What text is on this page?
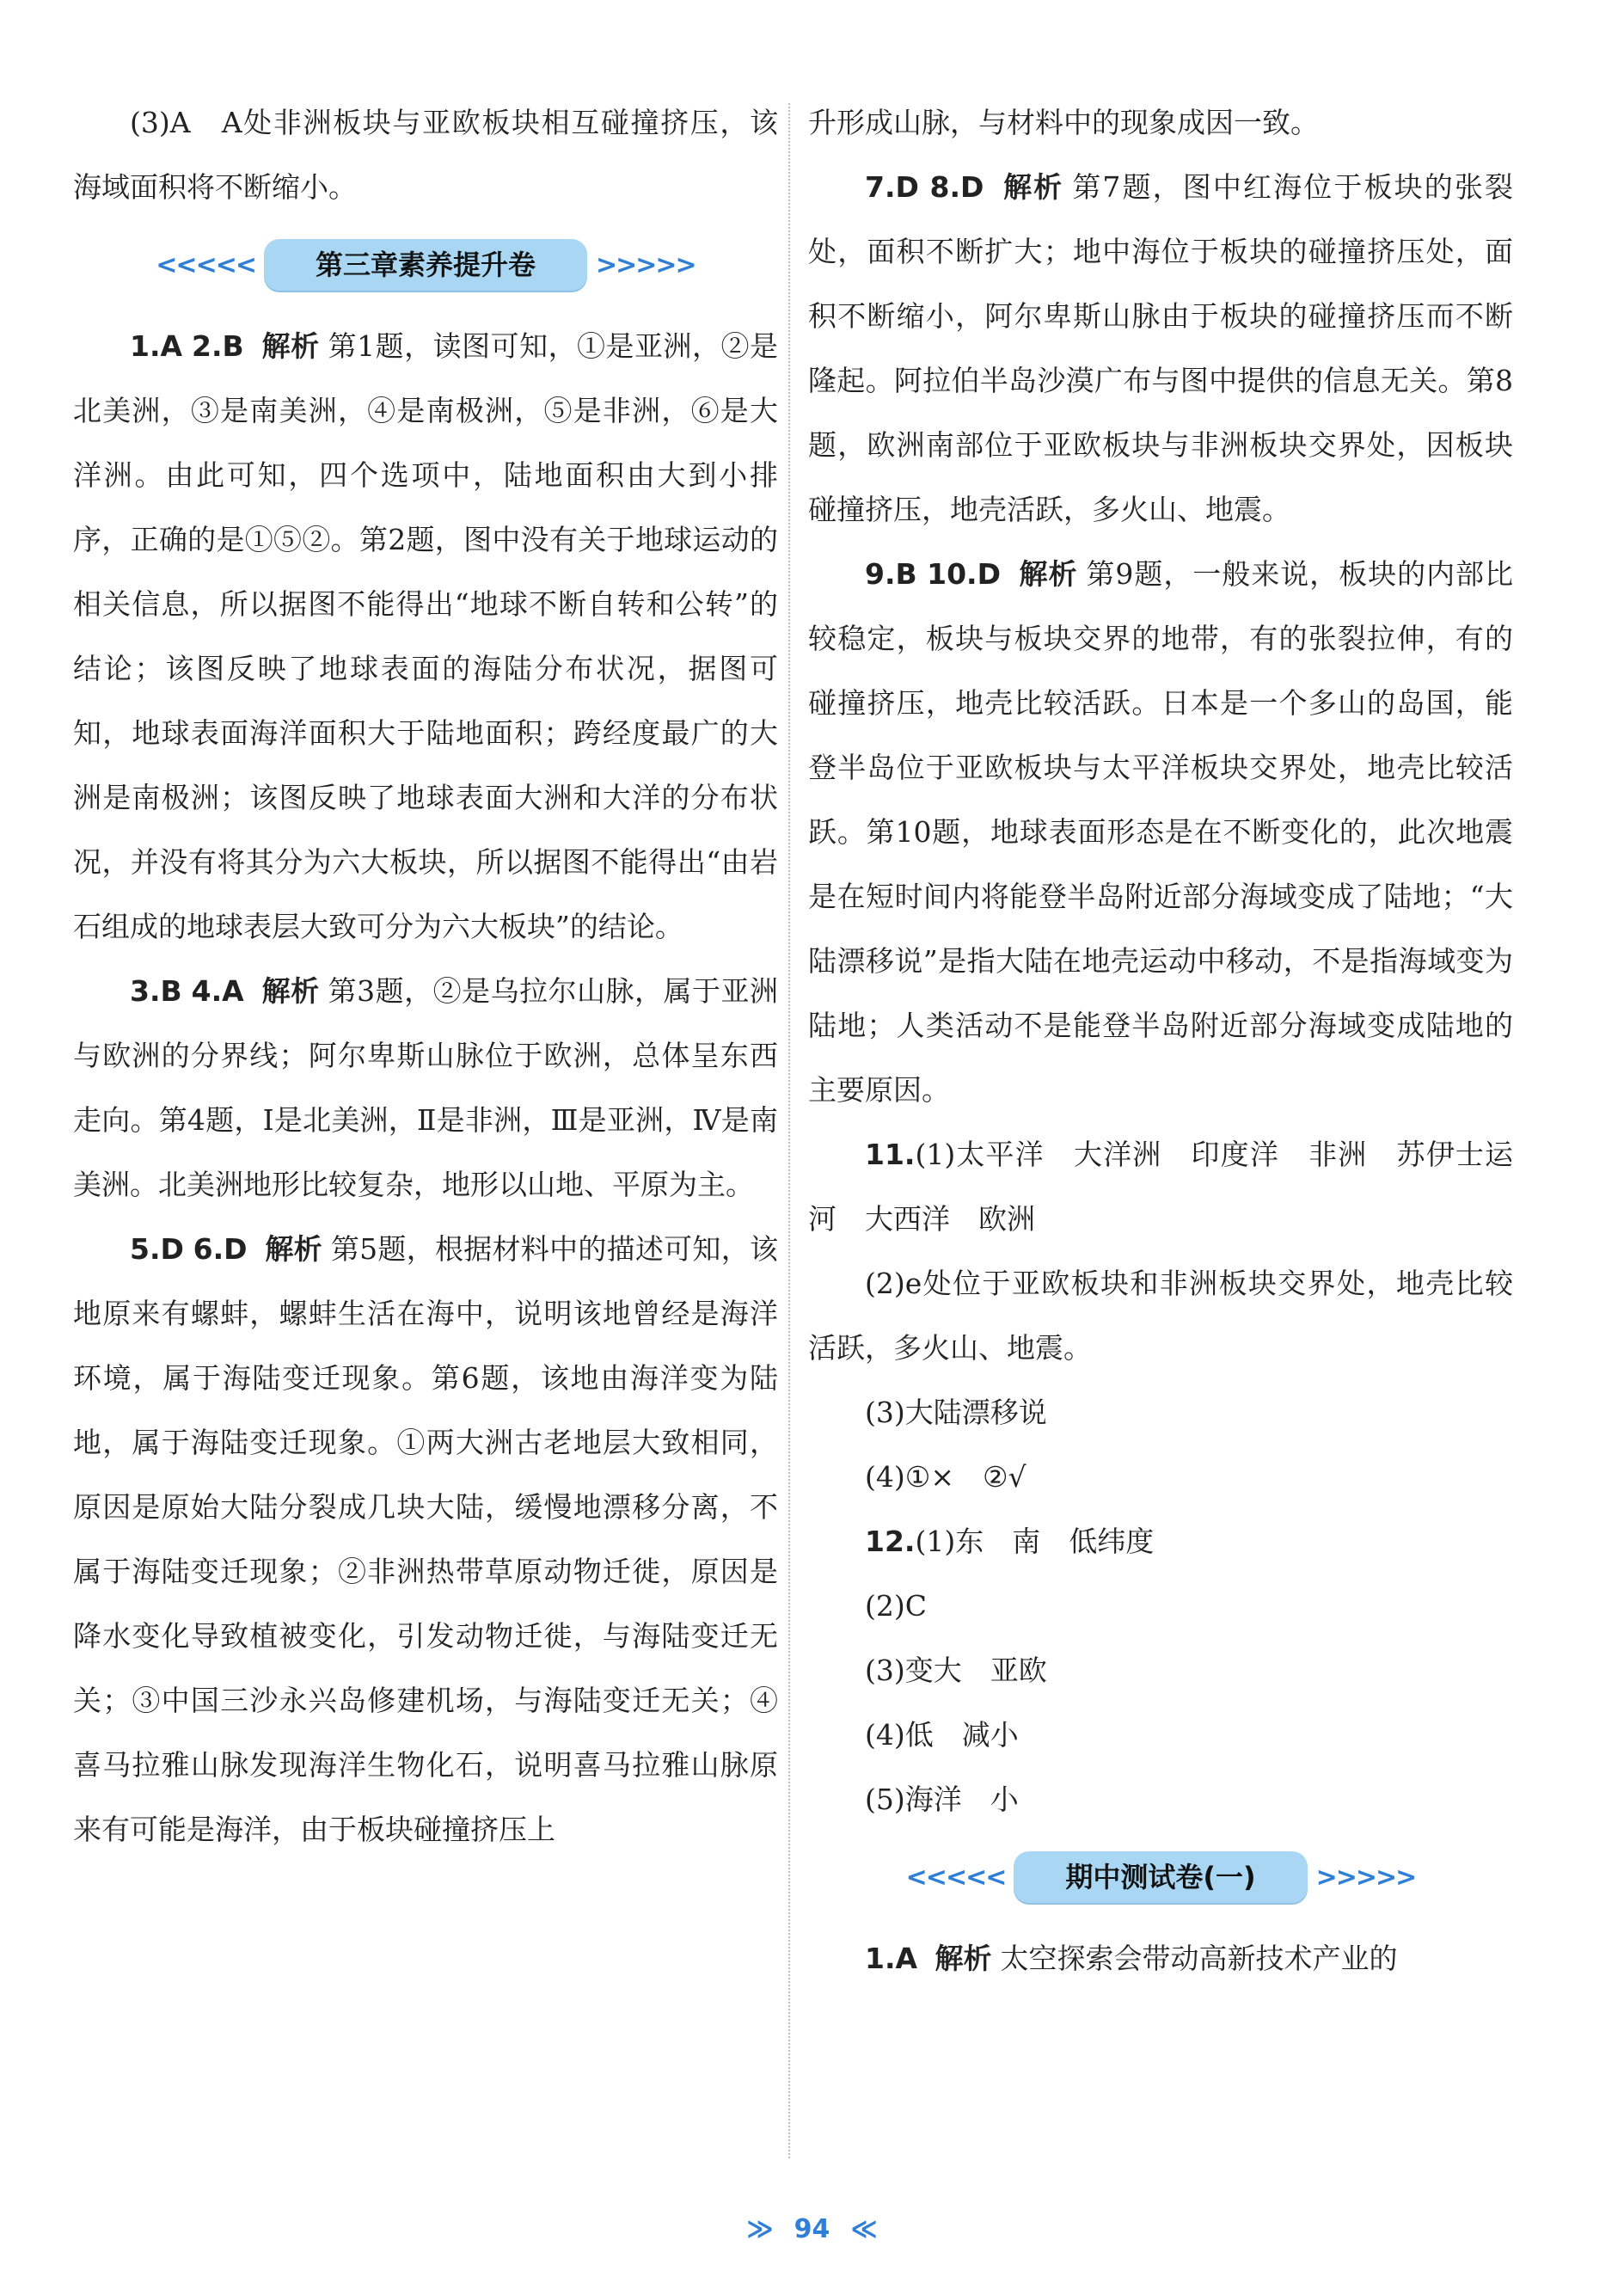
(3)A　A处非洲板块与亚欧板块相互碰撞挤压，该海域面积将不断缩小。

<<<<<	第三章素养提升卷	>>>>>

1.A 2.B 解析 第1题，读图可知，①是亚洲，②是北美洲，③是南美洲，④是南极洲，⑤是非洲，⑥是大洋洲。由此可知，四个选项中，陆地面积由大到小排序，正确的是①⑤②。第2题，图中没有关于地球运动的相关信息，所以据图不能得出“地球不断自转和公转”的结论；该图反映了地球表面的海陆分布状况，据图可知，地球表面海洋面积大于陆地面积；跨经度最广的大洲是南极洲；该图反映了地球表面大洲和大洋的分布状况，并没有将其分为六大板块，所以据图不能得出“由岩石组成的地球表层大致可分为六大板块”的结论。

3.B 4.A 解析 第3题，②是乌拉尔山脉，属于亚洲与欧洲的分界线；阿尔卑斯山脉位于欧洲，总体呈东西走向。第4题，Ⅰ是北美洲，Ⅱ是非洲，Ⅲ是亚洲，Ⅳ是南美洲。北美洲地形比较复杂，地形以山地、平原为主。

5.D 6.D 解析 第5题，根据材料中的描述可知，该地原来有螺蚌，螺蚌生活在海中，说明该地曾经是海洋环境，属于海陆变迁现象。第6题，该地由海洋变为陆地，属于海陆变迁现象。①两大洲古老地层大致相同，原因是原始大陆分裂成几块大陆，缓慢地漂移分离，不属于海陆变迁现象；②非洲热带草原动物迁徙，原因是降水变化导致植被变化，引发动物迁徙，与海陆变迁无关；③中国三沙永兴岛修建机场，与海陆变迁无关；④喜马拉雅山脉发现海洋生物化石，说明喜马拉雅山脉原来有可能是海洋，由于板块碰撞挤压上

升形成山脉，与材料中的现象成因一致。

7.D 8.D 解析 第7题，图中红海位于板块的张裂处，面积不断扩大；地中海位于板块的碰撞挤压处，面积不断缩小，阿尔卑斯山脉由于板块的碰撞挤压而不断隆起。阿拉伯半岛沙漠广布与图中提供的信息无关。第8题，欧洲南部位于亚欧板块与非洲板块交界处，因板块碰撞挤压，地壳活跃，多火山、地震。

9.B 10.D 解析 第9题，一般来说，板块的内部比较稳定，板块与板块交界的地带，有的张裂拉伸，有的碰撞挤压，地壳比较活跃。日本是一个多山的岛国，能登半岛位于亚欧板块与太平洋板块交界处，地壳比较活跃。第10题，地球表面形态是在不断变化的，此次地震是在短时间内将能登半岛附近部分海域变成了陆地；“大陆漂移说”是指大陆在地壳运动中移动，不是指海域变为陆地；人类活动不是能登半岛附近部分海域变成陆地的主要原因。

11.(1)太平洋　大洋洲　印度洋　非洲　苏伊士运河　大西洋　欧洲

(2)e处位于亚欧板块和非洲板块交界处，地壳比较活跃，多火山、地震。

(3)大陆漂移说

(4)①×　②√

12.(1)东　南　低纬度

(2)C

(3)变大　亚欧

(4)低　减小

(5)海洋　小

<<<<<	期中测试卷(一)	>>>>>

1.A 解析 太空探索会带动高新技术产业的

≫ 94 ≪
